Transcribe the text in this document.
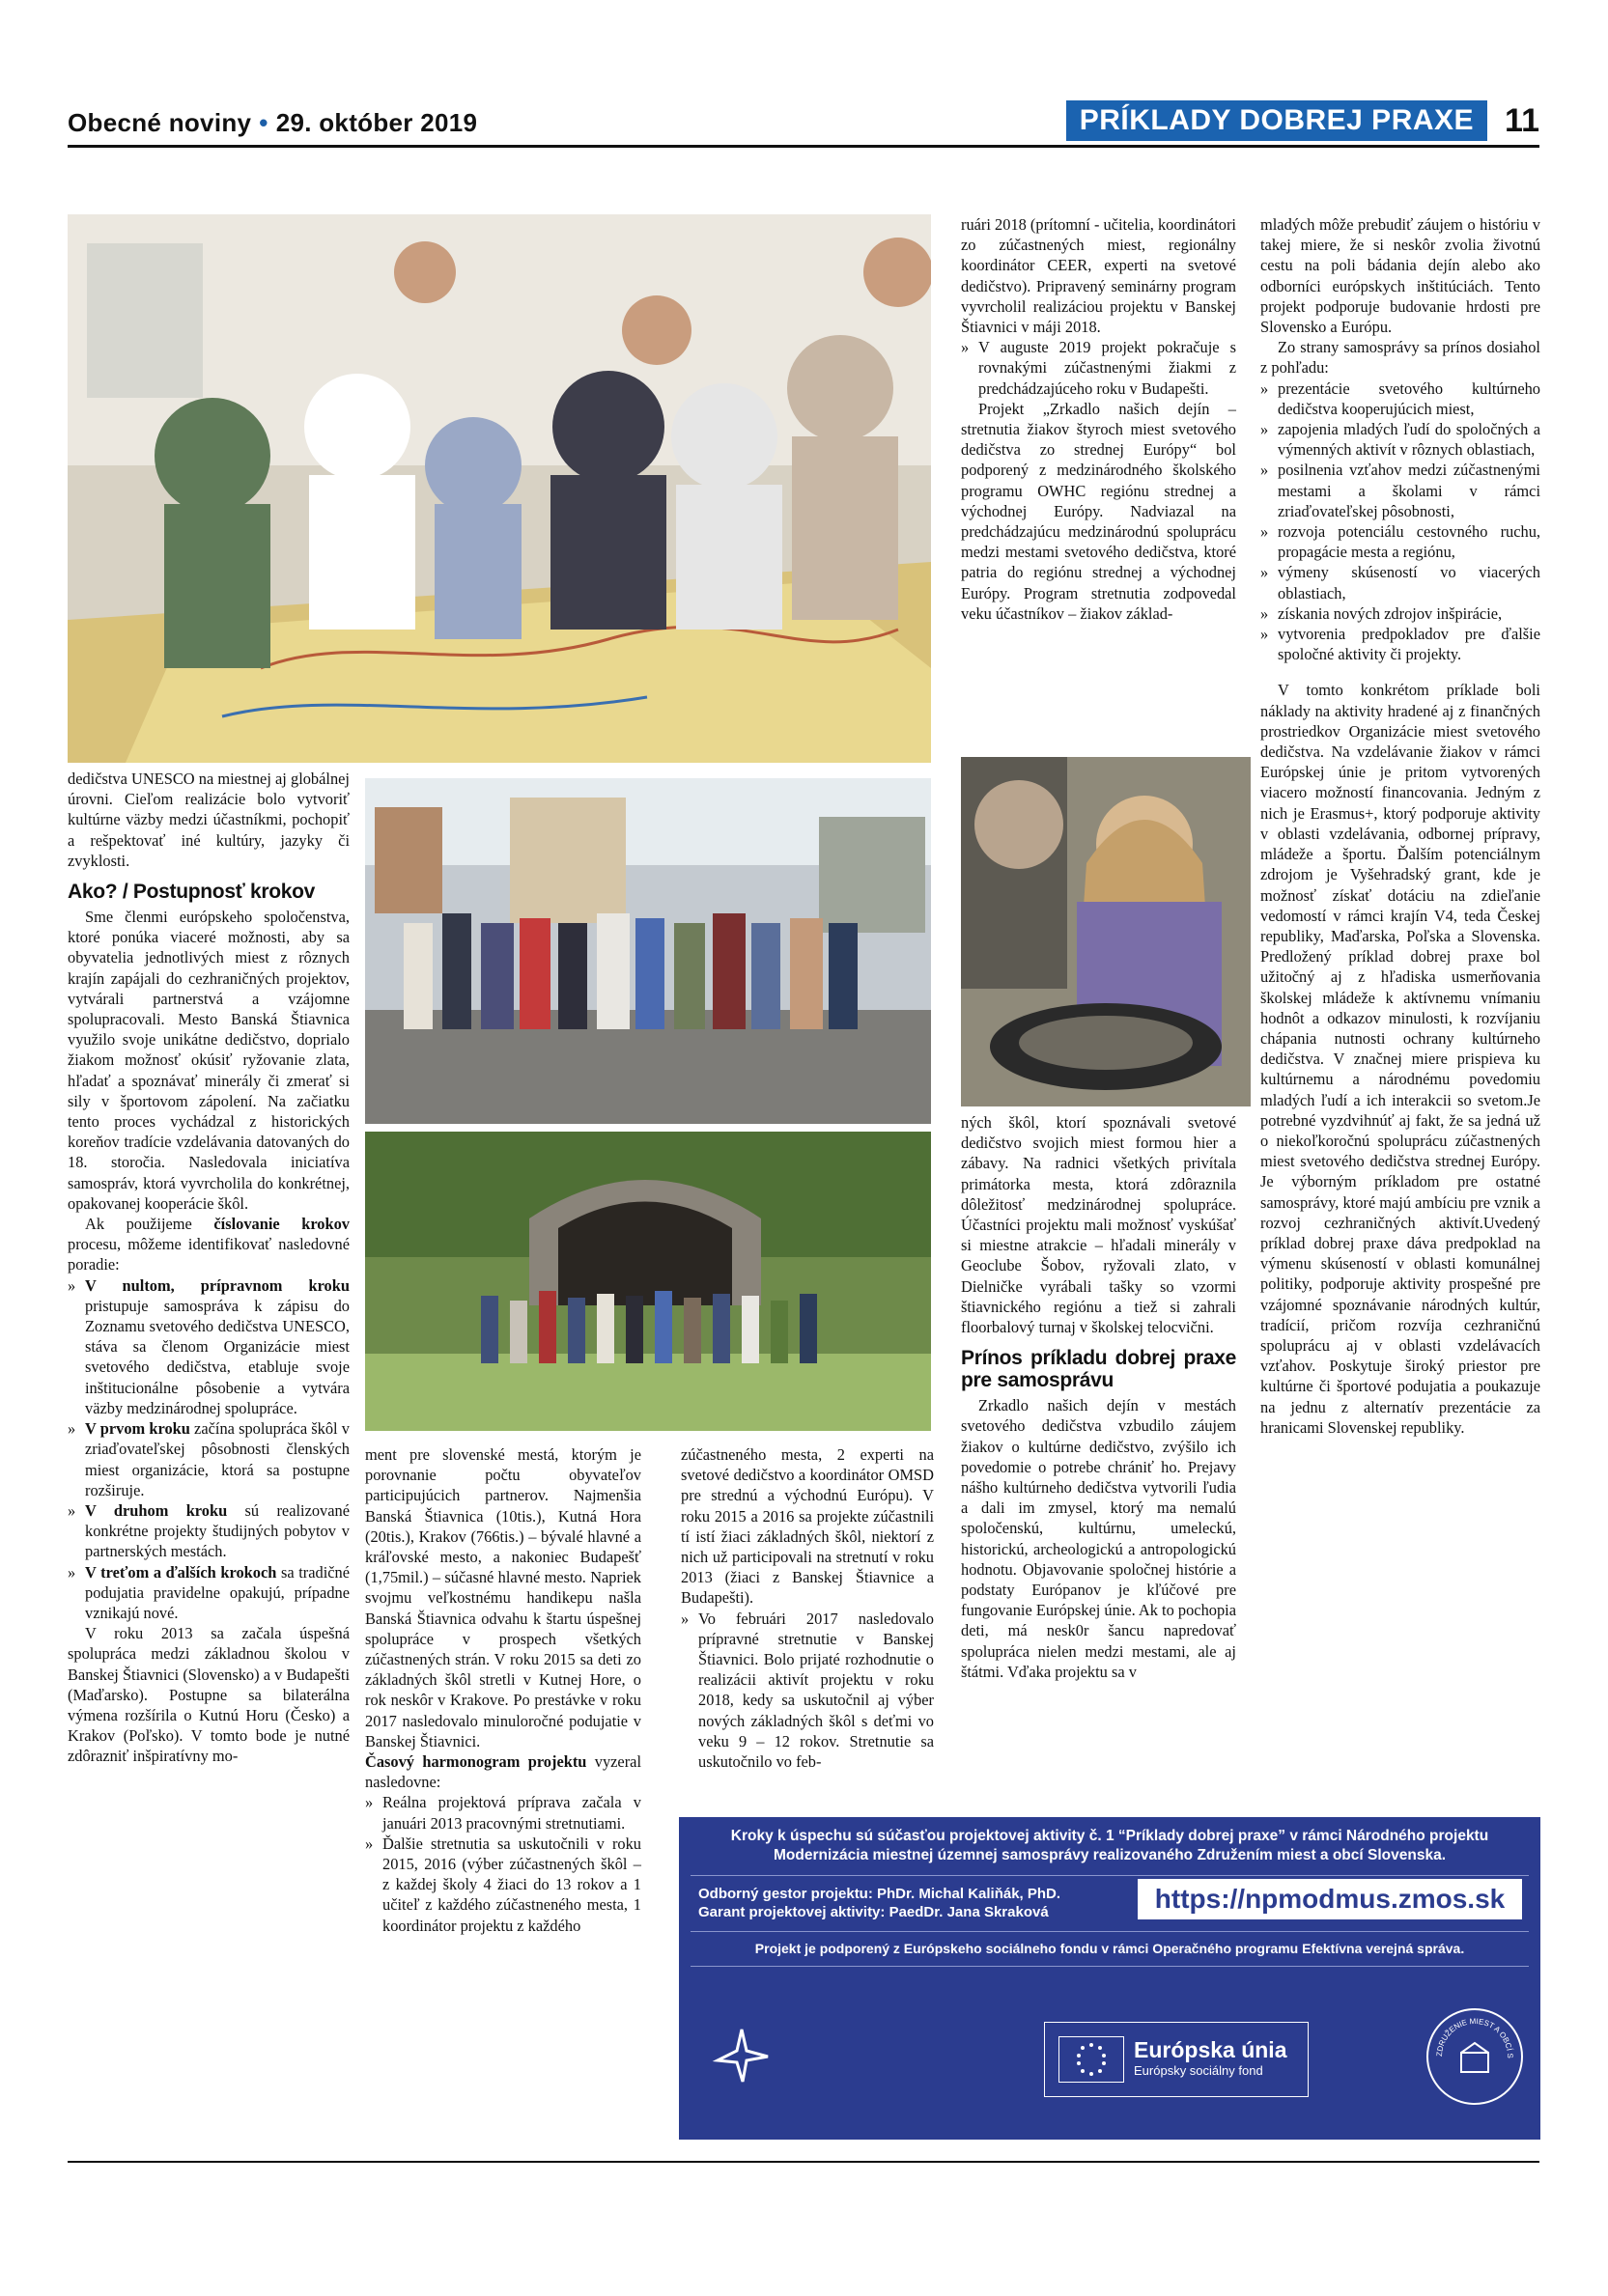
Obecné noviny • 29. október 2019	PRÍKLADY DOBREJ PRAXE 11

dedičstva UNESCO na miestnej aj globálnej úrovni. Cieľom realizácie bolo vytvoriť kultúrne väzby medzi účastníkmi, pochopiť a rešpektovať iné kultúry, jazyky či zvyklosti.

Ako? / Postupnosť krokov

Sme členmi európskeho spoločenstva, ktoré ponúka viaceré možnosti, aby sa obyvatelia jednotlivých miest z rôznych krajín zapájali do cezhraničných projektov, vytvárali partnerstvá a vzájomne spolupracovali. Mesto Banská Štiavnica využilo svoje unikátne dedičstvo, doprialo žiakom možnosť okúsiť ryžovanie zlata, hľadať a spoznávať minerály či zmerať si sily v športovom zápolení. Na začiatku tento proces vychádzal z historických koreňov tradície vzdelávania datovaných do 18. storočia. Nasledovala iniciatíva samospráv, ktorá vyvrcholila do konkrétnej, opakovanej kooperácie škôl.

Ak použijeme číslovanie krokov procesu, môžeme identifikovať nasledovné poradie:

» V nultom, prípravnom kroku pristupuje samospráva k zápisu do Zoznamu svetového dedičstva UNESCO, stáva sa členom Organizácie miest svetového dedičstva, etabluje svoje inštitucionálne pôsobenie a vytvára väzby medzinárodnej spolupráce.
» V prvom kroku začína spolupráca škôl v zriaďovateľskej pôsobnosti členských miest organizácie, ktorá sa postupne rozširuje.
» V druhom kroku sú realizované konkrétne projekty študijných pobytov v partnerských mestách.
» V treťom a ďalších krokoch sa tradičné podujatia pravidelne opakujú, prípadne vznikajú nové.

V roku 2013 sa začala úspešná spolupráca medzi základnou školou v Banskej Štiavnici (Slovensko) a v Budapešti (Maďarsko). Postupne sa bilaterálna výmena rozšírila o Kutnú Horu (Česko) a Krakov (Poľsko). V tomto bode je nutné zdôrazniť inšpiratívny mo-

ment pre slovenské mestá, ktorým je porovnanie počtu obyvateľov participujúcich partnerov. Najmenšia Banská Štiavnica (10tis.), Kutná Hora (20tis.), Krakov (766tis.) – bývalé hlavné a kráľovské mesto, a nakoniec Budapešť (1,75mil.) – súčasné hlavné mesto. Napriek svojmu veľkostnému handikepu našla Banská Štiavnica odvahu k štartu úspešnej spolupráce v prospech všetkých zúčastnených strán. V roku 2015 sa deti zo základných škôl stretli v Kutnej Hore, o rok neskôr v Krakove. Po prestávke v roku 2017 nasledovalo minuloročné podujatie v Banskej Štiavnici.

Časový harmonogram projektu vyzeral nasledovne:

» Reálna projektová príprava začala v januári 2013 pracovnými stretnutiami.
» Ďalšie stretnutia sa uskutočnili v roku 2015, 2016 (výber zúčastnených škôl – z každej školy 4 žiaci do 13 rokov a 1 učiteľ z každého zúčastneného mesta, 1 koordinátor projektu z každého

zúčastneného mesta, 2 experti na svetové dedičstvo a koordinátor OMSD pre strednú a východnú Európu). V roku 2015 a 2016 sa projekte zúčastnili tí istí žiaci základných škôl, niektorí z nich už participovali na stretnutí v roku 2013 (žiaci z Banskej Štiavnice a Budapešti).

» Vo februári 2017 nasledovalo prípravné stretnutie v Banskej Štiavnici. Bolo prijaté rozhodnutie o realizácii aktivít projektu v roku 2018, kedy sa uskutočnil aj výber nových základných škôl s deťmi vo veku 9 – 12 rokov. Stretnutie sa uskutočnilo vo feb-

ruári 2018 (prítomní - učitelia, koordinátori zo zúčastnených miest, regionálny koordinátor CEER, experti na svetové dedičstvo). Pripravený seminárny program vyvrcholil realizáciou projektu v Banskej Štiavnici v máji 2018.

» V auguste 2019 projekt pokračuje s rovnakými zúčastnenými žiakmi z predchádzajúceho roku v Budapešti.

Projekt „Zrkadlo našich dejín – stretnutia žiakov štyroch miest svetového dedičstva zo strednej Európy“ bol podporený z medzinárodného školského programu OWHC regiónu strednej a východnej Európy. Nadviazal na predchádzajúcu medzinárodnú spoluprácu medzi mestami svetového dedičstva, ktoré patria do regiónu strednej a východnej Európy. Program stretnutia zodpovedal veku účastníkov – žiakov základ-

ných škôl, ktorí spoznávali svetové dedičstvo svojich miest formou hier a zábavy. Na radnici všetkých privítala primátorka mesta, ktorá zdôraznila dôležitosť medzinárodnej spolupráce. Účastníci projektu mali možnosť vyskúšať si miestne atrakcie – hľadali minerály v Geoclube Šobov, ryžovali zlato, v Dielničke vyrábali tašky so vzormi štiavnického regiónu a tiež si zahrali floorbalový turnaj v školskej telocvični.

Prínos príkladu dobrej praxe pre samosprávu

Zrkadlo našich dejín v mestách svetového dedičstva vzbudilo záujem žiakov o kultúrne dedičstvo, zvýšilo ich povedomie o potrebe chrániť ho. Prejavy nášho kultúrneho dedičstva vytvorili ľudia a dali im zmysel, ktorý ma nemalú spoločenskú, kultúrnu, umeleckú, historickú, archeologickú a antropologickú hodnotu. Objavovanie spoločnej histórie a podstaty Európanov je kľúčové pre fungovanie Európskej únie. Ak to pochopia deti, má nesk0r šancu napredovať spolupráca nielen medzi mestami, ale aj štátmi. Vďaka projektu sa v

mladých môže prebudiť záujem o históriu v takej miere, že si neskôr zvolia životnú cestu na poli bádania dejín alebo ako odborníci európskych inštitúciách. Tento projekt podporuje budovanie hrdosti pre Slovensko a Európu.

Zo strany samosprávy sa prínos dosiahol z pohľadu:

» prezentácie svetového kultúrneho dedičstva kooperujúcich miest,
» zapojenia mladých ľudí do spoločných a výmenných aktivít v rôznych oblastiach,
» posilnenia vzťahov medzi zúčastnenými mestami a školami v rámci zriaďovateľskej pôsobnosti,
» rozvoja potenciálu cestovného ruchu, propagácie mesta a regiónu,
» výmeny skúseností vo viacerých oblastiach,
» získania nových zdrojov inšpirácie,
» vytvorenia predpokladov pre ďalšie spoločné aktivity či projekty.

V tomto konkrétom príklade boli náklady na aktivity hradené aj z finančných prostriedkov Organizácie miest svetového dedičstva. Na vzdelávanie žiakov v rámci Európskej únie je pritom vytvorených viacero možností financovania. Jedným z nich je Erasmus+, ktorý podporuje aktivity v oblasti vzdelávania, odbornej prípravy, mládeže a športu. Ďalším potenciálnym zdrojom je Vyšehradský grant, kde je možnosť získať dotáciu na zdieľanie vedomostí v rámci krajín V4, teda Českej republiky, Maďarska, Poľska a Slovenska. Predložený príklad dobrej praxe bol užitočný aj z hľadiska usmerňovania školskej mládeže k aktívnemu vnímaniu hodnôt a odkazov minulosti, k rozvíjaniu chápania nutnosti ochrany kultúrneho dedičstva. V značnej miere prispieva ku kultúrnemu a národnému povedomiu mladých ľudí a ich interakcii so svetom.Je potrebné vyzdvihnúť aj fakt, že sa jedná už o niekoľkoročnú spoluprácu zúčastnených miest svetového dedičstva strednej Európy. Je výborným príkladom pre ostatné samosprávy, ktoré majú ambíciu pre vznik a rozvoj cezhraničných aktivít.Uvedený príklad dobrej praxe dáva predpoklad na výmenu skúseností v oblasti komunálnej politiky, podporuje aktivity prospešné pre vzájomné spoznávanie národných kultúr, tradícií, pričom rozvíja cezhraničnú spoluprácu aj v oblasti vzdelávacích vzťahov. Poskytuje široký priestor pre kultúrne či športové podujatia a poukazuje na jednu z alternatív prezentácie za hranicami Slovenskej republiky.

Kroky k úspechu sú súčasťou projektovej aktivity č. 1 “Príklady dobrej praxe” v rámci Národného projektu
Modernizácia miestnej územnej samosprávy realizovaného Združením miest a obcí Slovenska.
Odborný gestor projektu: PhDr. Michal Kaliňák, PhD.
Garant projektovej aktivity: PaedDr. Jana Skraková	https://npmodmus.zmos.sk
Projekt je podporený z Európskeho sociálneho fondu v rámci Operačného programu Efektívna verejná správa.
Operačný program
Efektívna
verejná správa
Európska únia
Európsky sociálny fond
ZDRUŽENIE MIEST A OBCÍ S
